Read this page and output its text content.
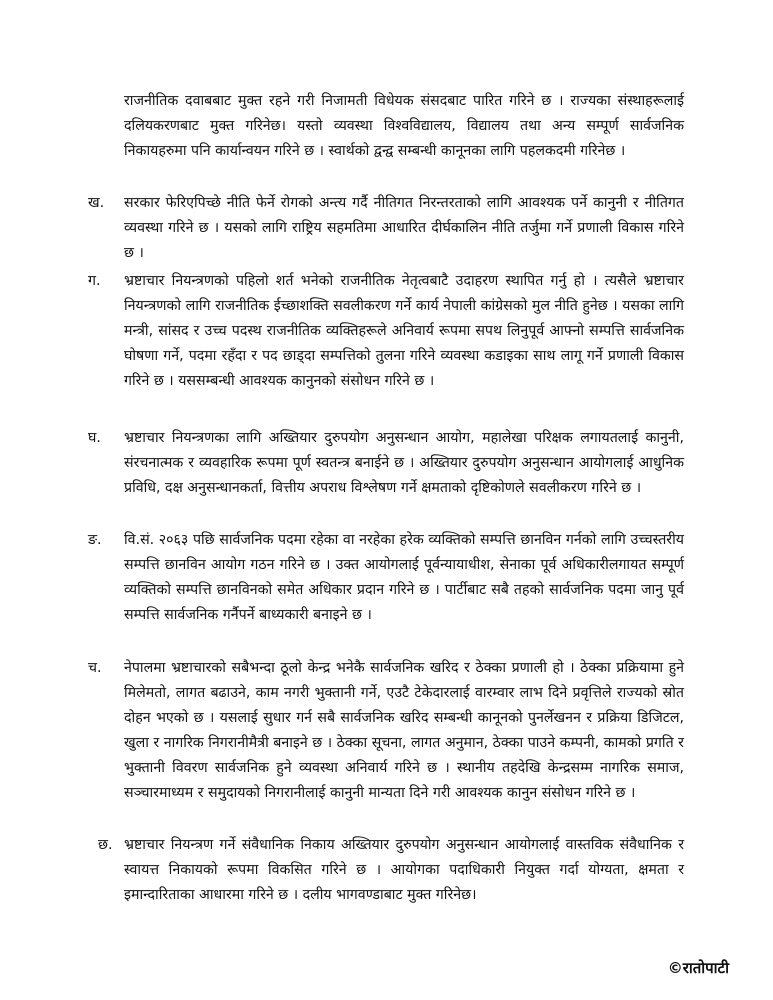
राजनीतिक दवाबबाट मुक्त रहने गरी निजामती विधेयक संसदबाट पारित गरिने छ । राज्यका संस्थाहरूलाई दलियकरणबाट मुक्त गरिनेछ। यस्तो व्यवस्था विश्वविद्यालय, विद्यालय तथा अन्य सम्पूर्ण सार्वजनिक निकायहरुमा पनि कार्यान्वयन गरिने छ । स्वार्थको द्वन्द्व सम्बन्धी कानूनका लागि पहलकदमी गरिनेछ ।
ख.	सरकार फेरिएपिच्छे नीति फेर्ने रोगको अन्त्य गर्दै नीतिगत निरन्तरताको लागि आवश्यक पर्ने कानुनी र नीतिगत व्यवस्था गरिने छ । यसको लागि राष्ट्रिय सहमतिमा आधारित दीर्घकालिन नीति तर्जुमा गर्ने प्रणाली विकास गरिने छ ।
ग.	भ्रष्टाचार नियन्त्रणको पहिलो शर्त भनेको राजनीतिक नेतृत्वबाटै उदाहरण स्थापित गर्नु हो । त्यसैले भ्रष्टाचार नियन्त्रणको लागि राजनीतिक ईच्छाशक्ति सवलीकरण गर्ने कार्य नेपाली कांग्रेसको मुल नीति हुनेछ । यसका लागि मन्त्री, सांसद र उच्च पदस्थ राजनीतिक व्यक्तिहरूले अनिवार्य रूपमा सपथ लिनुपूर्व आफ्नो सम्पत्ति सार्वजनिक घोषणा गर्ने, पदमा रहँदा र पद छाड्दा सम्पत्तिको तुलना गरिने व्यवस्था कडाइका साथ लागू गर्ने प्रणाली विकास गरिने छ । यससम्बन्धी आवश्यक कानुनको संसोधन गरिने छ ।
घ.	भ्रष्टाचार नियन्त्रणका लागि अख्तियार दुरुपयोग अनुसन्धान आयोग, महालेखा परिक्षक लगायतलाई कानुनी, संरचनात्मक र व्यवहारिक रूपमा पूर्ण स्वतन्त्र बनाईने छ । अख्तियार दुरुपयोग अनुसन्धान आयोगलाई आधुनिक प्रविधि, दक्ष अनुसन्धानकर्ता, वित्तीय अपराध विश्लेषण गर्ने क्षमताको दृष्टिकोणले सवलीकरण गरिने छ ।
ङ.	वि.सं. २०६३ पछि सार्वजनिक पदमा रहेका वा नरहेका हरेक व्यक्तिको सम्पत्ति छानविन गर्नको लागि उच्चस्तरीय सम्पत्ति छानविन आयोग गठन गरिने छ । उक्त आयोगलाई पूर्वन्यायाधीश, सेनाका पूर्व अधिकारीलगायत सम्पूर्ण व्यक्तिको सम्पत्ति छानविनको समेत अधिकार प्रदान गरिने छ । पार्टीबाट सबै तहको सार्वजनिक पदमा जानु पूर्व सम्पत्ति सार्वजनिक गर्नैपर्ने बाध्यकारी बनाइने छ ।
च.	नेपालमा भ्रष्टाचारको सबैभन्दा ठूलो केन्द्र भनेकै सार्वजनिक खरिद र ठेक्का प्रणाली हो । ठेक्का प्रक्रियामा हुने मिलेमतो, लागत बढाउने, काम नगरी भुक्तानी गर्ने, एउटै टेकेदारलाई वारम्वार लाभ दिने प्रवृत्तिले राज्यको स्रोत दोहन भएको छ । यसलाई सुधार गर्न सबै सार्वजनिक खरिद सम्बन्धी कानूनको पुनर्लेखनन र प्रक्रिया डिजिटल, खुला र नागरिक निगरानीमैत्री बनाइने छ । ठेक्का सूचना, लागत अनुमान, ठेक्का पाउने कम्पनी, कामको प्रगति र भुक्तानी विवरण सार्वजनिक हुने व्यवस्था अनिवार्य गरिने छ । स्थानीय तहदेखि केन्द्रसम्म नागरिक समाज, सञ्चारमाध्यम र समुदायको निगरानीलाई कानुनी मान्यता दिने गरी आवश्यक कानुन संसोधन गरिने छ ।
छ. भ्रष्टाचार नियन्त्रण गर्ने संवैधानिक निकाय अख्तियार दुरुपयोग अनुसन्धान आयोगलाई वास्तविक संवैधानिक र स्वायत्त निकायको रूपमा विकसित गरिने छ । आयोगका पदाधिकारी नियुक्त गर्दा योग्यता, क्षमता र इमान्दारिताका आधारमा गरिने छ । दलीय भागवण्डाबाट मुक्त गरिनेछ।
©रातोपाटी
